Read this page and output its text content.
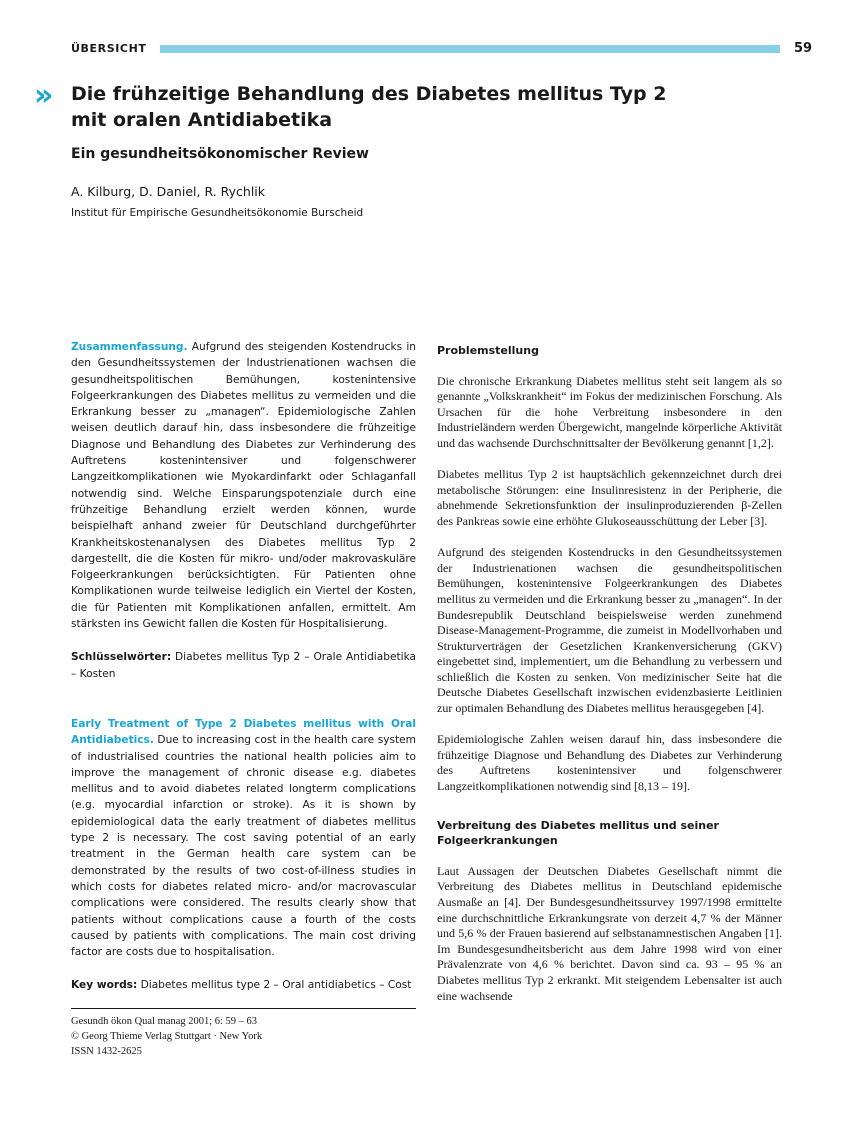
ÜBERSICHT	59
» Die frühzeitige Behandlung des Diabetes mellitus Typ 2
mit oralen Antidiabetika
Ein gesundheitsökonomischer Review
A. Kilburg, D. Daniel, R. Rychlik
Institut für Empirische Gesundheitsökonomie Burscheid

Zusammenfassung. Aufgrund des steigenden Kostendrucks in den Gesundheitssystemen der Industrienationen wachsen die gesundheitspolitischen Bemühungen, kostenintensive Folgeerkrankungen des Diabetes mellitus zu vermeiden und die Erkrankung besser zu „managen“. Epidemiologische Zahlen weisen deutlich darauf hin, dass insbesondere die frühzeitige Diagnose und Behandlung des Diabetes zur Verhinderung des Auftretens kostenintensiver und folgenschwerer Langzeitkomplikationen wie Myokardinfarkt oder Schlaganfall notwendig sind. Welche Einsparungspotenziale durch eine frühzeitige Behandlung erzielt werden können, wurde beispielhaft anhand zweier für Deutschland durchgeführter Krankheitskostenanalysen des Diabetes mellitus Typ 2 dargestellt, die die Kosten für mikro- und/oder makrovaskuläre Folgeerkrankungen berücksichtigten. Für Patienten ohne Komplikationen wurde teilweise lediglich ein Viertel der Kosten, die für Patienten mit Komplikationen anfallen, ermittelt. Am stärksten ins Gewicht fallen die Kosten für Hospitalisierung.

Schlüsselwörter: Diabetes mellitus Typ 2 – Orale Antidiabetika – Kosten

Early Treatment of Type 2 Diabetes mellitus with Oral Antidiabetics. Due to increasing cost in the health care system of industrialised countries the national health policies aim to improve the management of chronic disease e.g. diabetes mellitus and to avoid diabetes related longterm complications (e.g. myocardial infarction or stroke). As it is shown by epidemiological data the early treatment of diabetes mellitus type 2 is necessary. The cost saving potential of an early treatment in the German health care system can be demonstrated by the results of two cost-of-illness studies in which costs for diabetes related micro- and/or macrovascular complications were considered. The results clearly show that patients without complications cause a fourth of the costs caused by patients with complications. The main cost driving factor are costs due to hospitalisation.

Key words: Diabetes mellitus type 2 – Oral antidiabetics – Cost

Gesundh ökon Qual manag 2001; 6: 59 – 63
© Georg Thieme Verlag Stuttgart · New York
ISSN 1432-2625
Problemstellung

Die chronische Erkrankung Diabetes mellitus steht seit langem als so genannte „Volkskrankheit“ im Fokus der medizinischen Forschung. Als Ursachen für die hohe Verbreitung insbesondere in den Industrieländern werden Übergewicht, mangelnde körperliche Aktivität und das wachsende Durchschnittsalter der Bevölkerung genannt [1,2].

Diabetes mellitus Typ 2 ist hauptsächlich gekennzeichnet durch drei metabolische Störungen: eine Insulinresistenz in der Peripherie, die abnehmende Sekretionsfunktion der insulinproduzierenden β-Zellen des Pankreas sowie eine erhöhte Glukoseausschüttung der Leber [3].

Aufgrund des steigenden Kostendrucks in den Gesundheitssystemen der Industrienationen wachsen die gesundheitspolitischen Bemühungen, kostenintensive Folgeerkrankungen des Diabetes mellitus zu vermeiden und die Erkrankung besser zu „managen“. In der Bundesrepublik Deutschland beispielsweise werden zunehmend Disease-Management-Programme, die zumeist in Modellvorhaben und Strukturverträgen der Gesetzlichen Krankenversicherung (GKV) eingebettet sind, implementiert, um die Behandlung zu verbessern und schließlich die Kosten zu senken. Von medizinischer Seite hat die Deutsche Diabetes Gesellschaft inzwischen evidenzbasierte Leitlinien zur optimalen Behandlung des Diabetes mellitus herausgegeben [4].

Epidemiologische Zahlen weisen darauf hin, dass insbesondere die frühzeitige Diagnose und Behandlung des Diabetes zur Verhinderung des Auftretens kostenintensiver und folgenschwerer Langzeitkomplikationen notwendig sind [8,13 – 19].

Verbreitung des Diabetes mellitus und seiner Folgeerkrankungen

Laut Aussagen der Deutschen Diabetes Gesellschaft nimmt die Verbreitung des Diabetes mellitus in Deutschland epidemische Ausmaße an [4]. Der Bundesgesundheitssurvey 1997/1998 ermittelte eine durchschnittliche Erkrankungsrate von derzeit 4,7 % der Männer und 5,6 % der Frauen basierend auf selbstanamnestischen Angaben [1]. Im Bundesgesundheitsbericht aus dem Jahre 1998 wird von einer Prävalenzrate von 4,6 % berichtet. Davon sind ca. 93 – 95 % an Diabetes mellitus Typ 2 erkrankt. Mit steigendem Lebensalter ist auch eine wachsende
